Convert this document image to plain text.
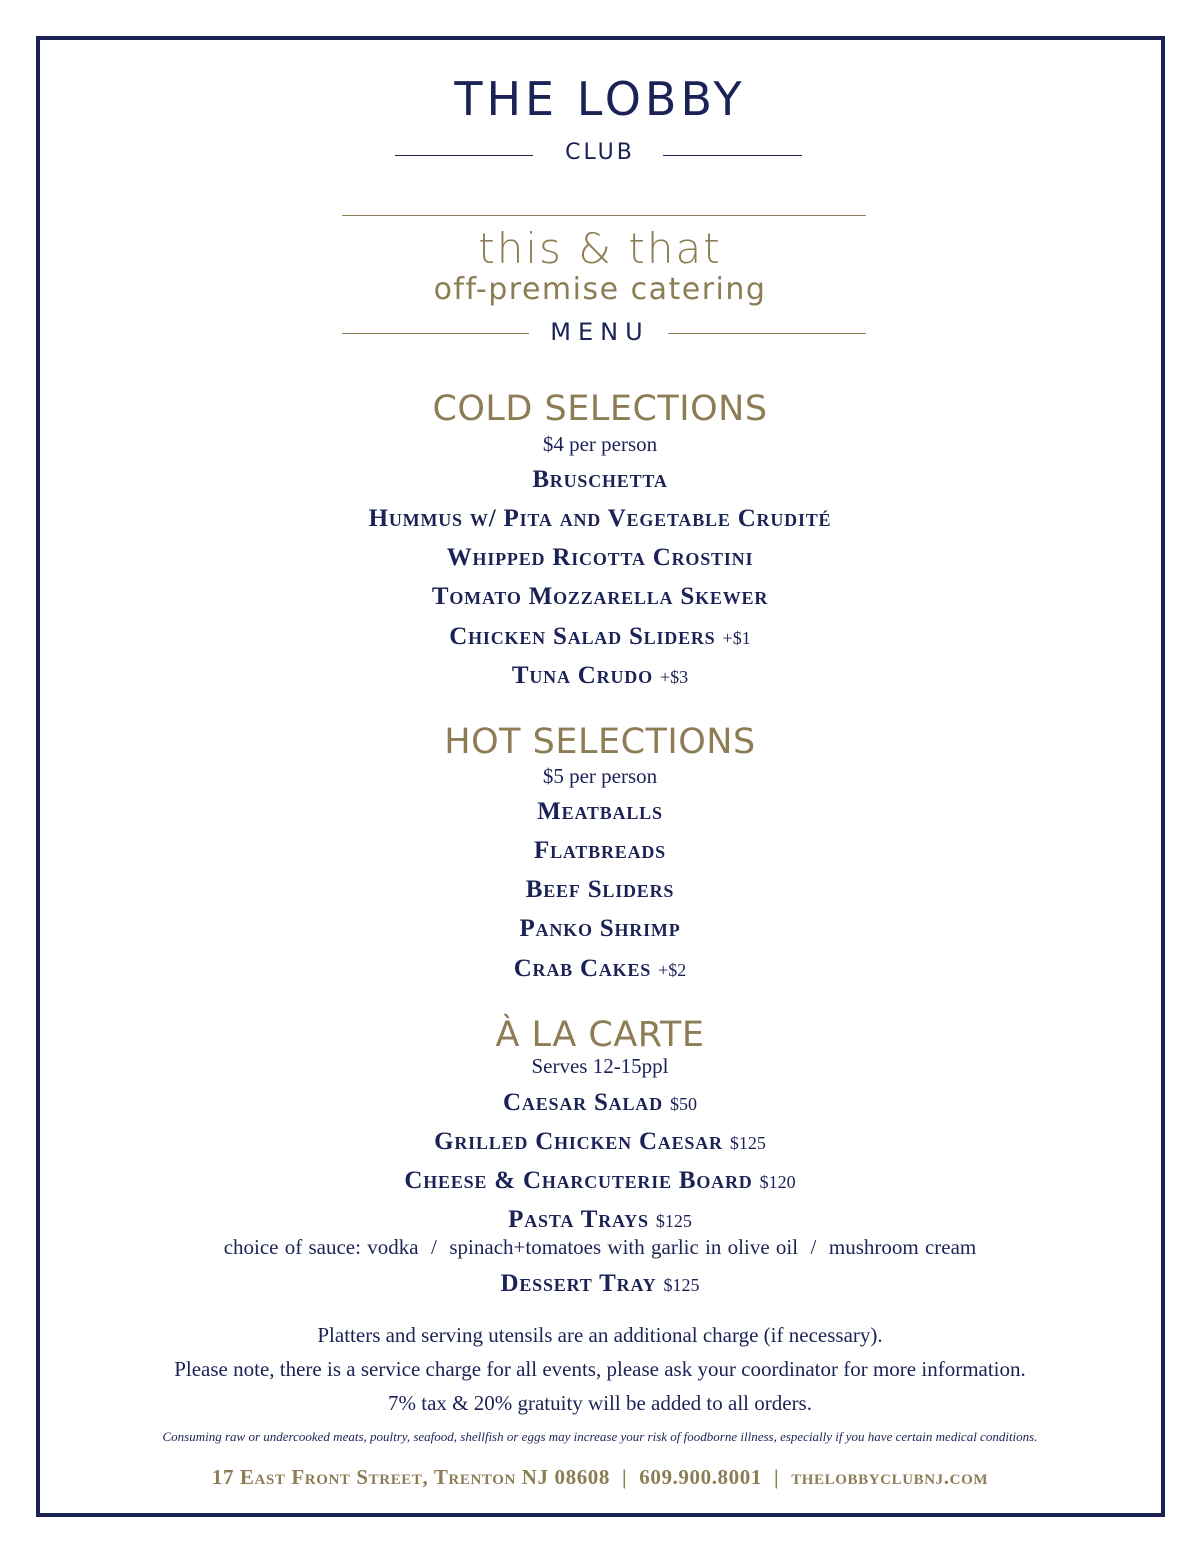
THE LOBBY
CLUB
this & that
off-premise catering
MENU
COLD SELECTIONS
$4 per person
Bruschetta
Hummus w/ Pita and Vegetable Crudité
Whipped Ricotta Crostini
Tomato Mozzarella Skewer
Chicken Salad Sliders +$1
Tuna Crudo +$3
HOT SELECTIONS
$5 per person
Meatballs
Flatbreads
Beef Sliders
Panko Shrimp
Crab Cakes +$2
À LA CARTE
Serves 12-15ppl
Caesar Salad $50
Grilled Chicken Caesar $125
Cheese & Charcuterie Board $120
Pasta Trays $125
choice of sauce: vodka  /  spinach+tomatoes with garlic in olive oil  /  mushroom cream
Dessert Tray $125
Platters and serving utensils are an additional charge (if necessary).
Please note, there is a service charge for all events, please ask your coordinator for more information.
7% tax & 20% gratuity will be added to all orders.
Consuming raw or undercooked meats, poultry, seafood, shellfish or eggs may increase your risk of foodborne illness, especially if you have certain medical conditions.
17 East Front Street, Trenton NJ 08608 | 609.900.8001 | thelobbyclubnj.com
